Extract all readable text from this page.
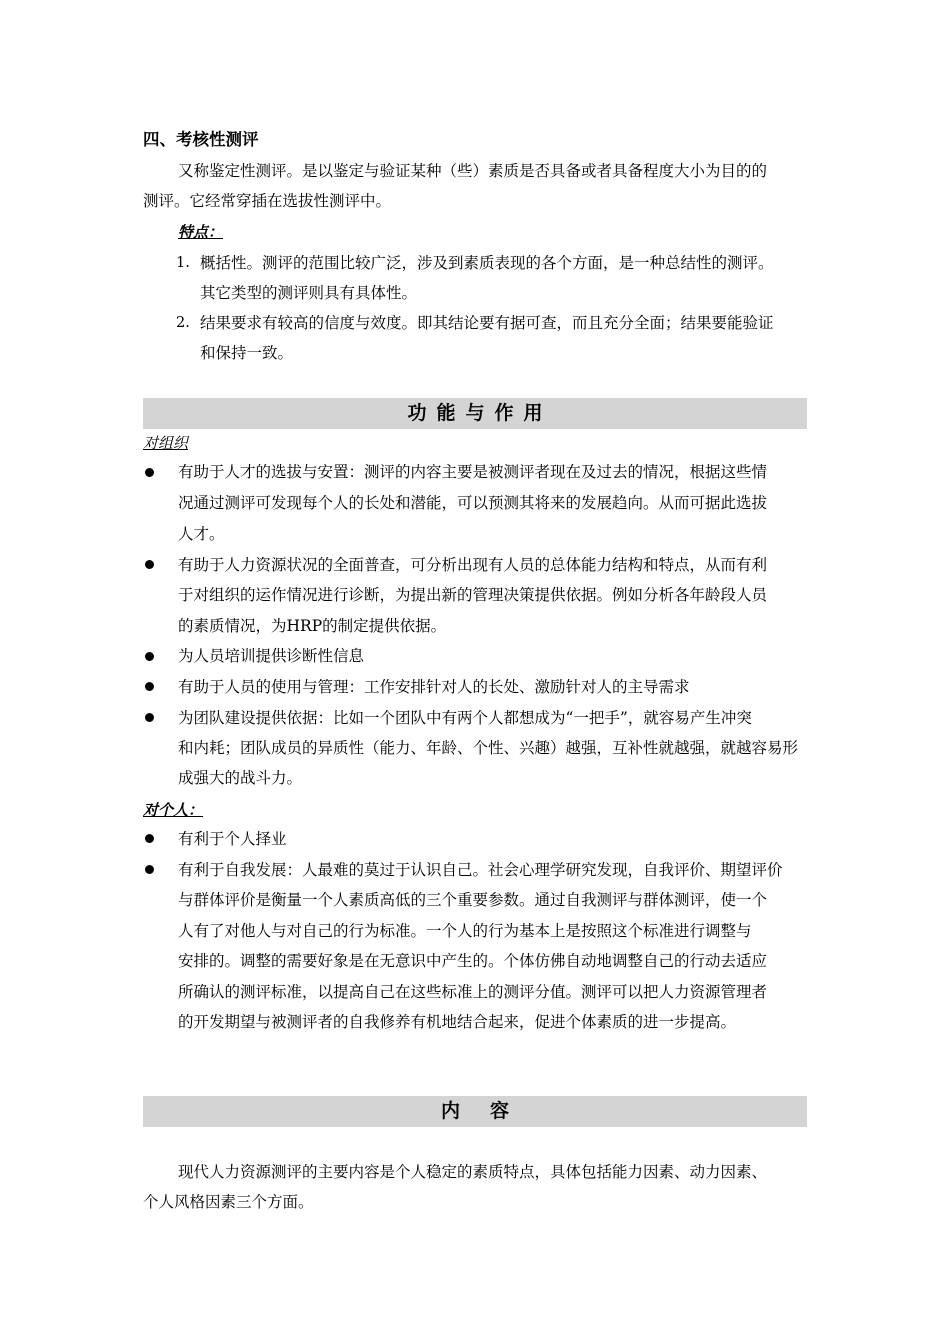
四、考核性测评
又称鉴定性测评。是以鉴定与验证某种（些）素质是否具备或者具备程度大小为目的的
测评。它经常穿插在选拔性测评中。
特点：
1. 概括性。测评的范围比较广泛，涉及到素质表现的各个方面，是一种总结性的测评。
其它类型的测评则具有具体性。
2. 结果要求有较高的信度与效度。即其结论要有据可查，而且充分全面；结果要能验证
和保持一致。
功能与作用
对组织
有助于人才的选拔与安置：测评的内容主要是被测评者现在及过去的情况，根据这些情
况通过测评可发现每个人的长处和潜能，可以预测其将来的发展趋向。从而可据此选拔
人才。
有助于人力资源状况的全面普查，可分析出现有人员的总体能力结构和特点，从而有利
于对组织的运作情况进行诊断，为提出新的管理决策提供依据。例如分析各年龄段人员
的素质情况，为HRP的制定提供依据。
为人员培训提供诊断性信息
有助于人员的使用与管理：工作安排针对人的长处、激励针对人的主导需求
为团队建设提供依据：比如一个团队中有两个人都想成为“一把手”，就容易产生冲突
和内耗；团队成员的异质性（能力、年龄、个性、兴趣）越强，互补性就越强，就越容易形
成强大的战斗力。
对个人：
有利于个人择业
有利于自我发展：人最难的莫过于认识自己。社会心理学研究发现，自我评价、期望评价
与群体评价是衡量一个人素质高低的三个重要参数。通过自我测评与群体测评，使一个
人有了对他人与对自己的行为标准。一个人的行为基本上是按照这个标准进行调整与
安排的。调整的需要好象是在无意识中产生的。个体仿佛自动地调整自己的行动去适应
所确认的测评标准，以提高自己在这些标准上的测评分值。测评可以把人力资源管理者
的开发期望与被测评者的自我修养有机地结合起来，促进个体素质的进一步提高。
内容
现代人力资源测评的主要内容是个人稳定的素质特点，具体包括能力因素、动力因素、
个人风格因素三个方面。
